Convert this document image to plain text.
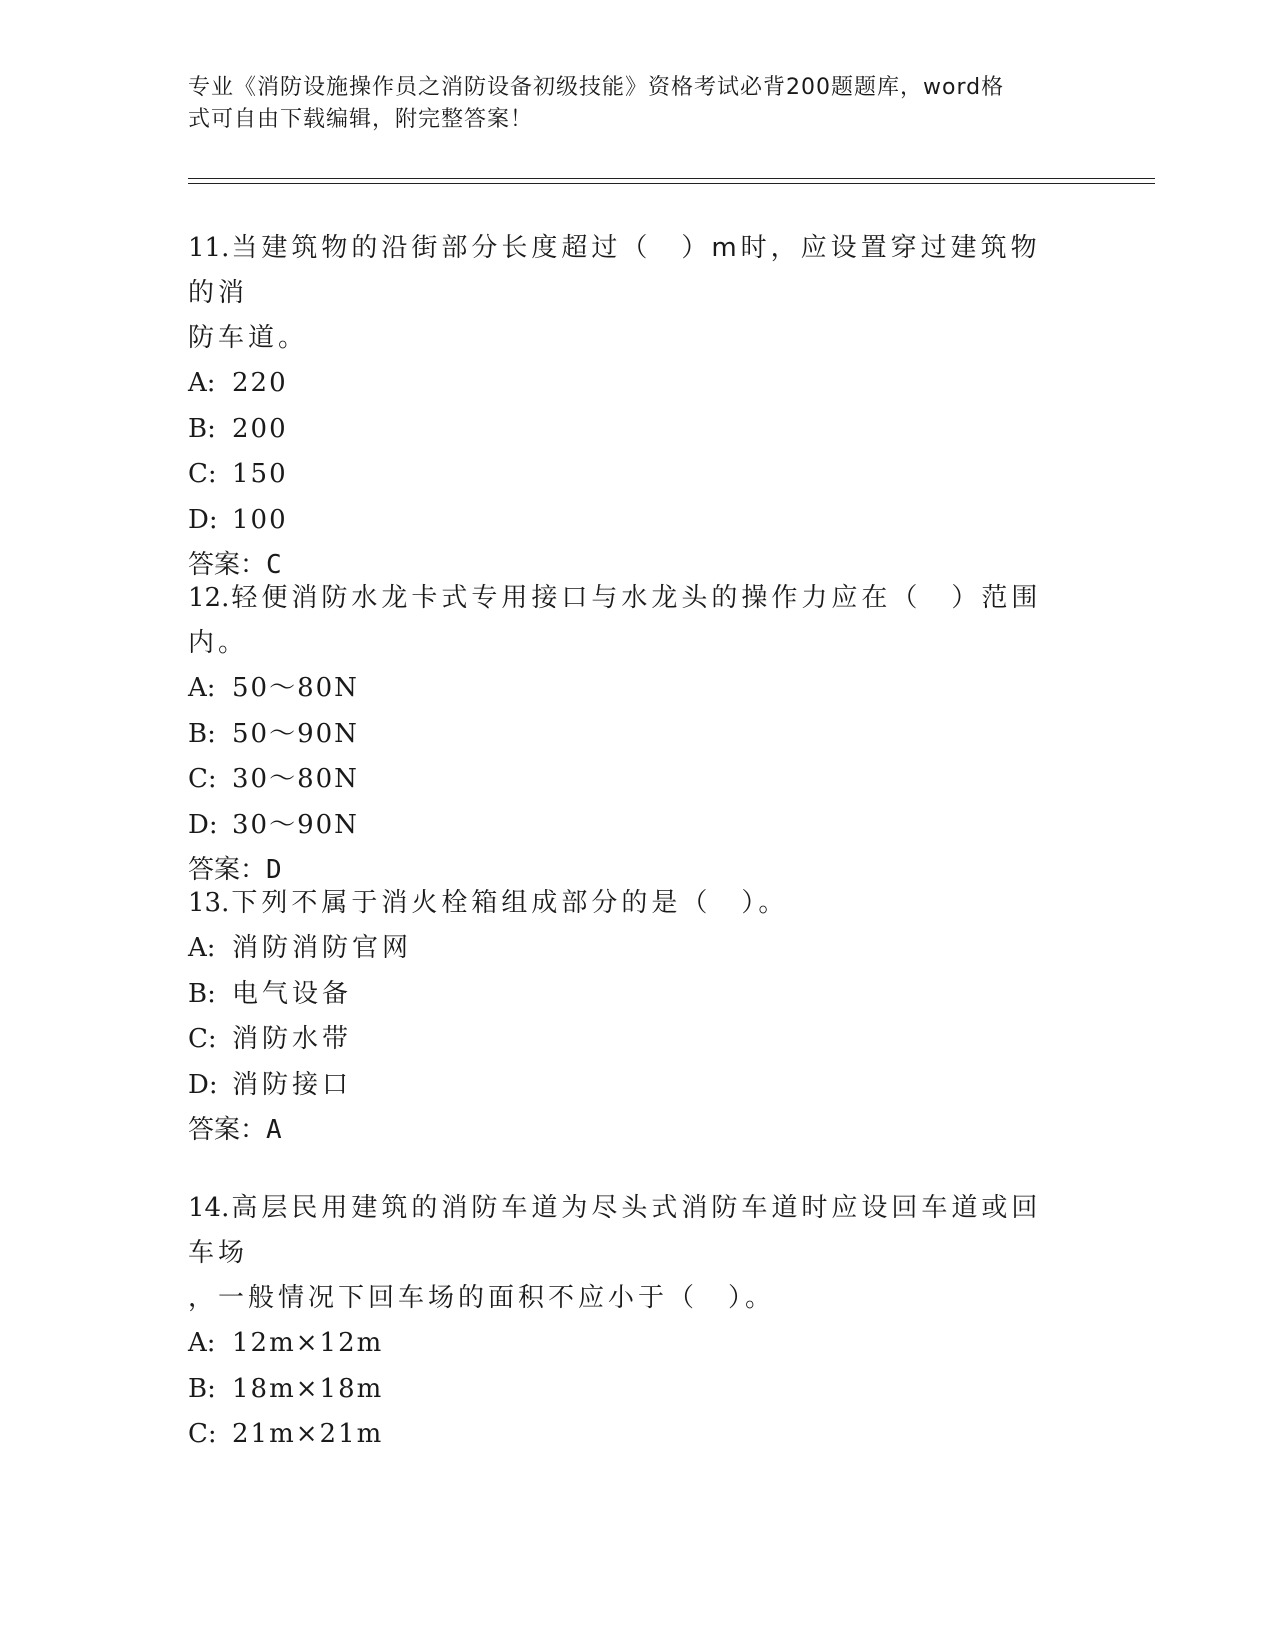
专业《消防设施操作员之消防设备初级技能》资格考试必背200题题库，word格

式可自由下载编辑，附完整答案！

11.当建筑物的沿街部分长度超过（　）m时，应设置穿过建筑物的消

防车道。

A: 220

B: 200

C: 150

D: 100

答案：C

12.轻便消防水龙卡式专用接口与水龙头的操作力应在（　）范围内。

A: 50～80N

B: 50～90N

C: 30～80N

D: 30～90N

答案：D

13.下列不属于消火栓箱组成部分的是（　）。

A: 消防消防官网

B: 电气设备

C: 消防水带

D: 消防接口

答案：A

14.高层民用建筑的消防车道为尽头式消防车道时应设回车道或回车场

，一般情况下回车场的面积不应小于（　）。

A: 12m×12m

B: 18m×18m

C: 21m×21m
